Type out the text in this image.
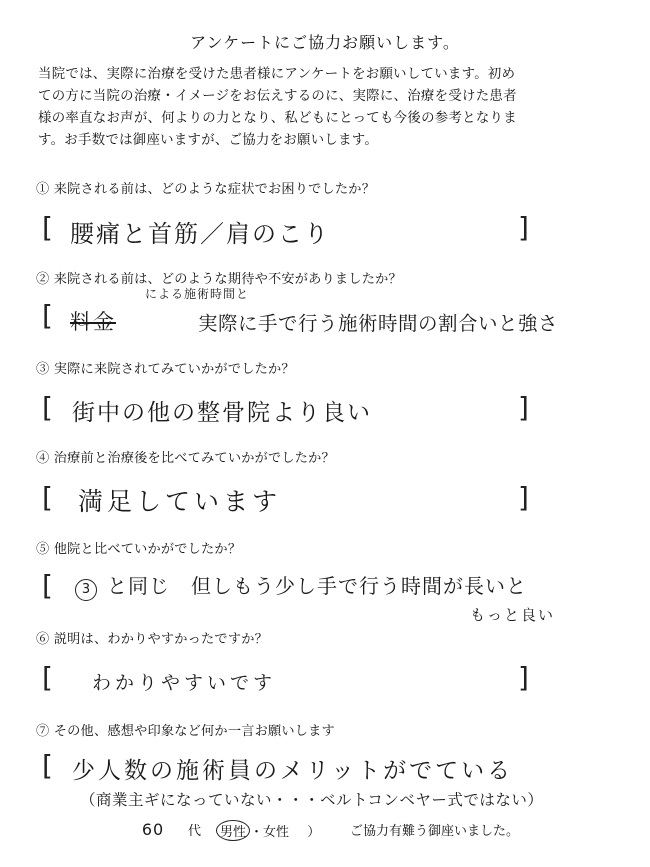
アンケートにご協力お願いします。

当院では、実際に治療を受けた患者様にアンケートをお願いしています。初め

ての方に当院の治療・イメージをお伝えするのに、実際に、治療を受けた患者

様の率直なお声が、何よりの力となり、私どもにとっても今後の参考となりま

す。お手数では御座いますが、ご協力をお願いします。

① 来院される前は、どのような症状でお困りでしたか？
[	]
腰痛と首筋／肩のこり
② 来院される前は、どのような期待や不安がありましたか？
[ 料金
による施術時間と
実際に手で行う施術時間の割合いと強さ
③ 実際に来院されてみていかがでしたか？
[	]
街中の他の整骨院より良い
④ 治療前と治療後を比べてみていかがでしたか？
[	]
満足しています
⑤ 他院と比べていかがでしたか？
[	3 と同じ　但しもう少し手で行う時間が長いと
もっと良い
⑥ 説明は、わかりやすかったですか？
[	]
わかりやすいです
⑦ その他、感想や印象など何か一言お願いします
[ 少人数の施術員のメリットがでている
（商業主ギになっていない・・・ベルトコンベヤー式ではない）
60 代	男性 ・女性 ） ご協力有難う御座いました。
